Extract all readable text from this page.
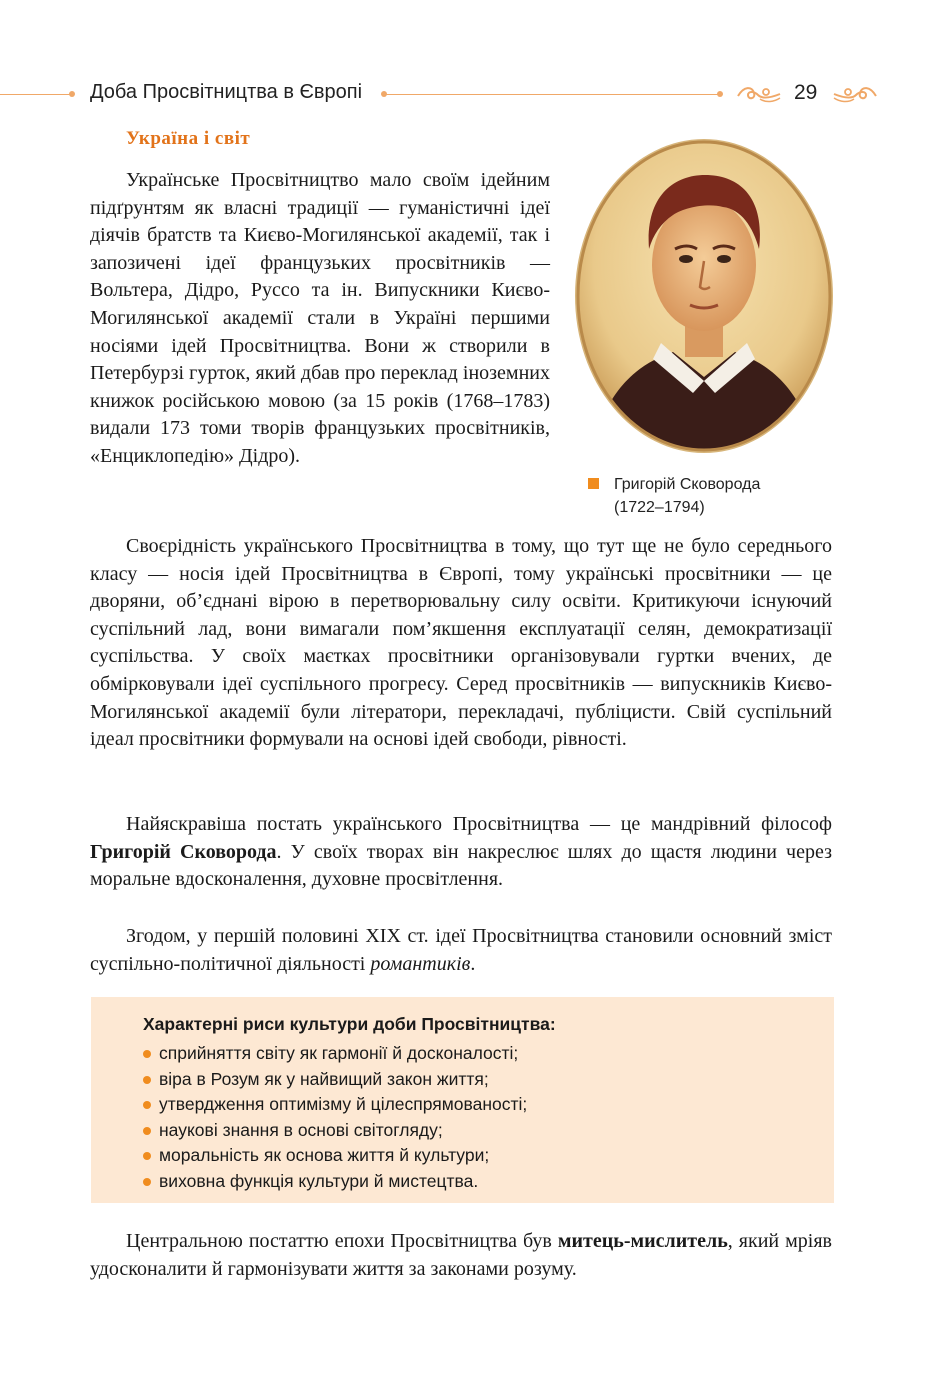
Доба Просвітництва в Європі	29
Україна і світ

Українське Просвітництво мало своїм ідейним підґрунтям як власні традиції — гуманістичні ідеї діячів братств та Києво-Могилянської академії, так і запозичені ідеї французьких просвітників — Вольтера, Дідро, Руссо та ін. Випускники Києво-Могилянської академії стали в Україні першими носіями ідей Просвітництва. Вони ж створили в Петербурзі гурток, який дбав про переклад іноземних книжок російською мовою (за 15 років (1768–1783) видали 173 томи творів французьких просвітників, «Енциклопедію» Дідро).

Григорій Сковорода
(1722–1794)

Своєрідність українського Просвітництва в тому, що тут ще не було середнього класу — носія ідей Просвітництва в Європі, тому українські просвітники — це дворяни, об’єднані вірою в перетворювальну силу освіти. Критикуючи існуючий суспільний лад, вони вимагали пом’якшення експлуатації селян, демократизації суспільства. У своїх маєтках просвітники організовували гуртки вчених, де обмірковували ідеї суспільного прогресу. Серед просвітників — випускників Києво-Могилянської академії були літератори, перекладачі, публіцисти. Свій суспільний ідеал просвітники формували на основі ідей свободи, рівності.

Найяскравіша постать українського Просвітництва — це мандрівний філософ Григорій Сковорода. У своїх творах він накреслює шлях до щастя людини через моральне вдосконалення, духовне просвітлення.

Згодом, у першій половині XIX ст. ідеї Просвітництва становили основний зміст суспільно-політичної діяльності романтиків.

Характерні риси культури доби Просвітництва:
сприйняття світу як гармонії й досконалості;
віра в Розум як у найвищий закон життя;
утвердження оптимізму й цілеспрямованості;
наукові знання в основі світогляду;
моральність як основа життя й культури;
виховна функція культури й мистецтва.

Центральною постаттю епохи Просвітництва був митець-мислитель, який мріяв удосконалити й гармонізувати життя за законами розуму.
